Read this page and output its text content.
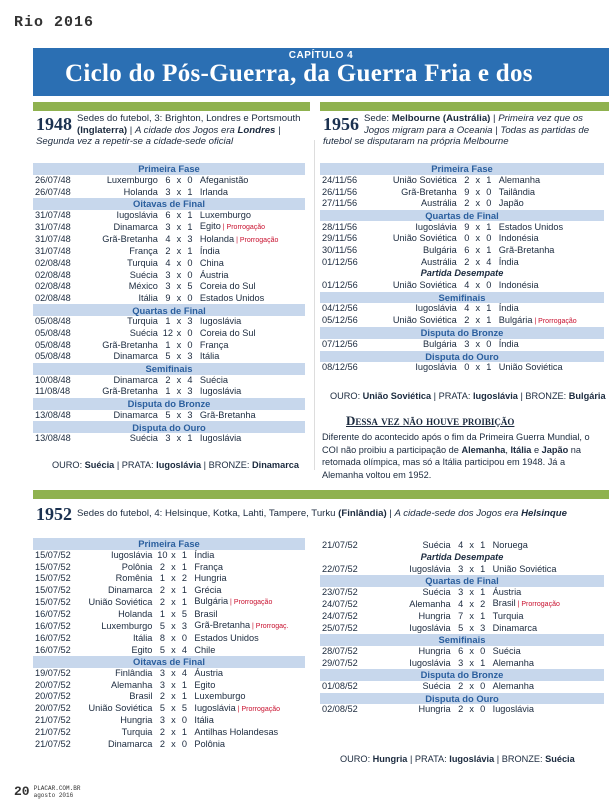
Rio 2016
CAPÍTULO 4
Ciclo do Pós-Guerra, da Guerra Fria e dos
1948 Sedes do futebol, 3: Brighton, Londres e Portsmouth (Inglaterra) | A cidade dos Jogos era Londres | Segunda vez a repetir-se a cidade-sede oficial
Primeira Fase					
26/07/48	Luxemburgo	6	x	0	Afeganistão
26/07/48	Holanda	3	x	1	Irlanda
Oitavas de Final					
31/07/48	Iugoslávia	6	x	1	Luxemburgo
31/07/48	Dinamarca	3	x	1	Egito | Prorrogação
31/07/48	Grã-Bretanha	4	x	3	Holanda | Prorrogação
31/07/48	França	2	x	1	Índia
02/08/48	Turquia	4	x	0	China
02/08/48	Suécia	3	x	0	Áustria
02/08/48	México	3	x	5	Coreia do Sul
02/08/48	Itália	9	x	0	Estados Unidos
Quartas de Final					
05/08/48	Turquia	1	x	3	Iugoslávia
05/08/48	Suécia	12	x	0	Coreia do Sul
05/08/48	Grã-Bretanha	1	x	0	França
05/08/48	Dinamarca	5	x	3	Itália
Semifinais					
10/08/48	Dinamarca	2	x	4	Suécia
11/08/48	Grã-Bretanha	1	x	3	Iugoslávia
Disputa do Bronze					
13/08/48	Dinamarca	5	x	3	Grã-Bretanha
Disputa do Ouro					
13/08/48	Suécia	3	x	1	Iugoslávia
OURO: Suécia | PRATA: Iugoslávia | BRONZE: Dinamarca
1956 Sede: Melbourne (Austrália) | Primeira vez que os Jogos migram para a Oceania | Todas as partidas de futebol se disputaram na própria Melbourne
Primeira Fase					
24/11/56	União Soviética	2	x	1	Alemanha
26/11/56	Grã-Bretanha	9	x	0	Tailândia
27/11/56	Austrália	2	x	0	Japão
Quartas de Final					
28/11/56	Iugoslávia	9	x	1	Estados Unidos
29/11/56	União Soviética	0	x	0	Indonésia
30/11/56	Bulgária	6	x	1	Grã-Bretanha
01/12/56	Austrália	2	x	4	Índia
Partida Desempate					
01/12/56	União Soviética	4	x	0	Indonésia
Semifinais					
04/12/56	Iugoslávia	4	x	1	Índia
05/12/56	União Soviética	2	x	1	Bulgária | Prorrogação
Disputa do Bronze					
07/12/56	Bulgária	3	x	0	Índia
Disputa do Ouro					
08/12/56	Iugoslávia	0	x	1	União Soviética
OURO: União Soviética | PRATA: Iugoslávia | BRONZE: Bulgária
Dessa vez não houve proibição
Diferente do acontecido após o fim da Primeira Guerra Mundial, o COI não proibiu a participação de Alemanha, Itália e Japão na retomada olímpica, mas só a Itália participou em 1948. Já a Alemanha voltou em 1952.
1952 Sedes do futebol, 4: Helsinque, Kotka, Lahti, Tampere, Turku (Finlândia) | A cidade-sede dos Jogos era Helsinque
Primeira Fase					
15/07/52	Iugoslávia	10	x	1	Índia
15/07/52	Polônia	2	x	1	França
15/07/52	Romênia	1	x	2	Hungria
15/07/52	Dinamarca	2	x	1	Grécia
15/07/52	União Soviética	2	x	1	Bulgária | Prorrogação
16/07/52	Holanda	1	x	5	Brasil
16/07/52	Luxemburgo	5	x	3	Grã-Bretanha | Prorrogaç.
16/07/52	Itália	8	x	0	Estados Unidos
16/07/52	Egito	5	x	4	Chile
Oitavas de Final					
19/07/52	Finlândia	3	x	4	Áustria
20/07/52	Alemanha	3	x	1	Egito
20/07/52	Brasil	2	x	1	Luxemburgo
20/07/52	União Soviética	5	x	5	Iugoslávia | Prorrogação
21/07/52	Hungria	3	x	0	Itália
21/07/52	Turquia	2	x	1	Antilhas Holandesas
21/07/52	Dinamarca	2	x	0	Polônia
21/07/52	Suécia	4	x	1	Noruega
Partida Desempate					
22/07/52	Iugoslávia	3	x	1	União Soviética
Quartas de Final					
23/07/52	Suécia	3	x	1	Áustria
24/07/52	Alemanha	4	x	2	Brasil | Prorrogação
24/07/52	Hungria	7	x	1	Turquia
25/07/52	Iugoslávia	5	x	3	Dinamarca
Semifinais					
28/07/52	Hungria	6	x	0	Suécia
29/07/52	Iugoslávia	3	x	1	Alemanha
Disputa do Bronze					
01/08/52	Suécia	2	x	0	Alemanha
Disputa do Ouro					
02/08/52	Hungria	2	x	0	Iugoslávia
OURO: Hungria | PRATA: Iugoslávia | BRONZE: Suécia
20 PLACAR.COM.BR
agosto 2016
